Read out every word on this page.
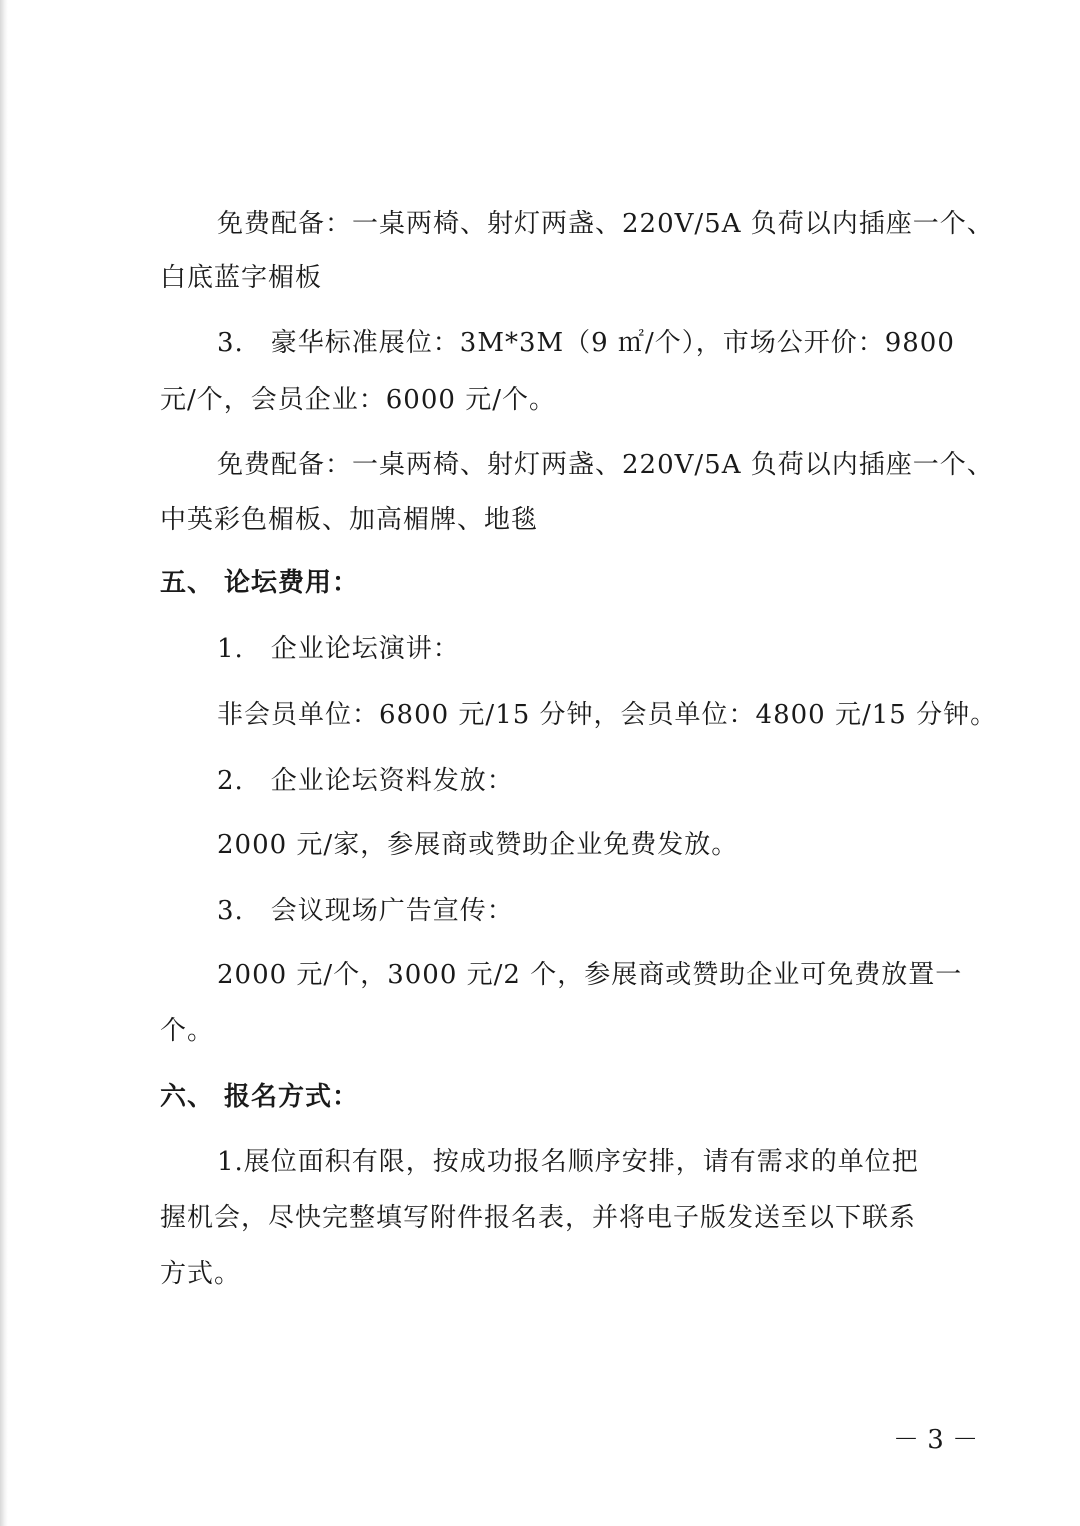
免费配备：一桌两椅、射灯两盏、220V/5A 负荷以内插座一个、
白底蓝字楣板
3.　豪华标准展位：3M*3M（9 ㎡/个），市场公开价：9800
元/个，会员企业：6000 元/个。
免费配备：一桌两椅、射灯两盏、220V/5A 负荷以内插座一个、
中英彩色楣板、加高楣牌、地毯
五、 论坛费用：
1.　企业论坛演讲：
非会员单位：6800 元/15 分钟，会员单位：4800 元/15 分钟。
2.　企业论坛资料发放：
2000 元/家，参展商或赞助企业免费发放。
3.　会议现场广告宣传：
2000 元/个，3000 元/2 个，参展商或赞助企业可免费放置一
个。
六、 报名方式：
1.展位面积有限，按成功报名顺序安排，请有需求的单位把
握机会，尽快完整填写附件报名表，并将电子版发送至以下联系
方式。
－ 3 －
